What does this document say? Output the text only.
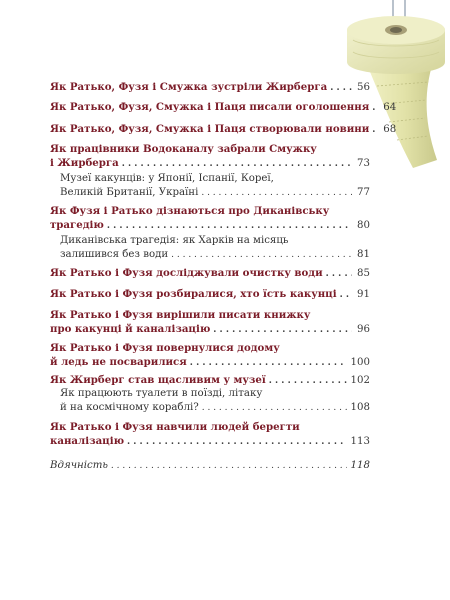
Як Ратько, Фузя і Смужка зустріли Жирберга . . .	56
Як Ратько, Фузя, Смужка і Паця писали оголошення . . . 64
Як Ратько, Фузя, Смужка і Паця створювали новини . . . 68
Як працівники Водоканалу забрали Смужку
і Жирберга . . .	73
Музеї какунців: у Японії, Іспанії, Кореї,
Великій Британії, Україні . . .	77
Як Фузя і Ратько дізнаються про Диканівську
трагедію . . .	80
Диканівська трагедія: як Харків на місяць
залишився без води . . .	81
Як Ратько і Фузя досліджували очистку води . . .	85
Як Ратько і Фузя розбиралися, хто їсть какунці . . . 91
Як Ратько і Фузя вирішили писати книжку
про какунці й каналізацію . . .	96
Як Ратько і Фузя повернулися додому
й ледь не посварилися . . .	100
Як Жирберг став щасливим у музеї . . .	102
Як працюють туалети в поїзді, літаку
й на космічному кораблі? . . .	108
Як Ратько і Фузя навчили людей берегти
каналізацію . . .	113
Вдячність . . .	118
